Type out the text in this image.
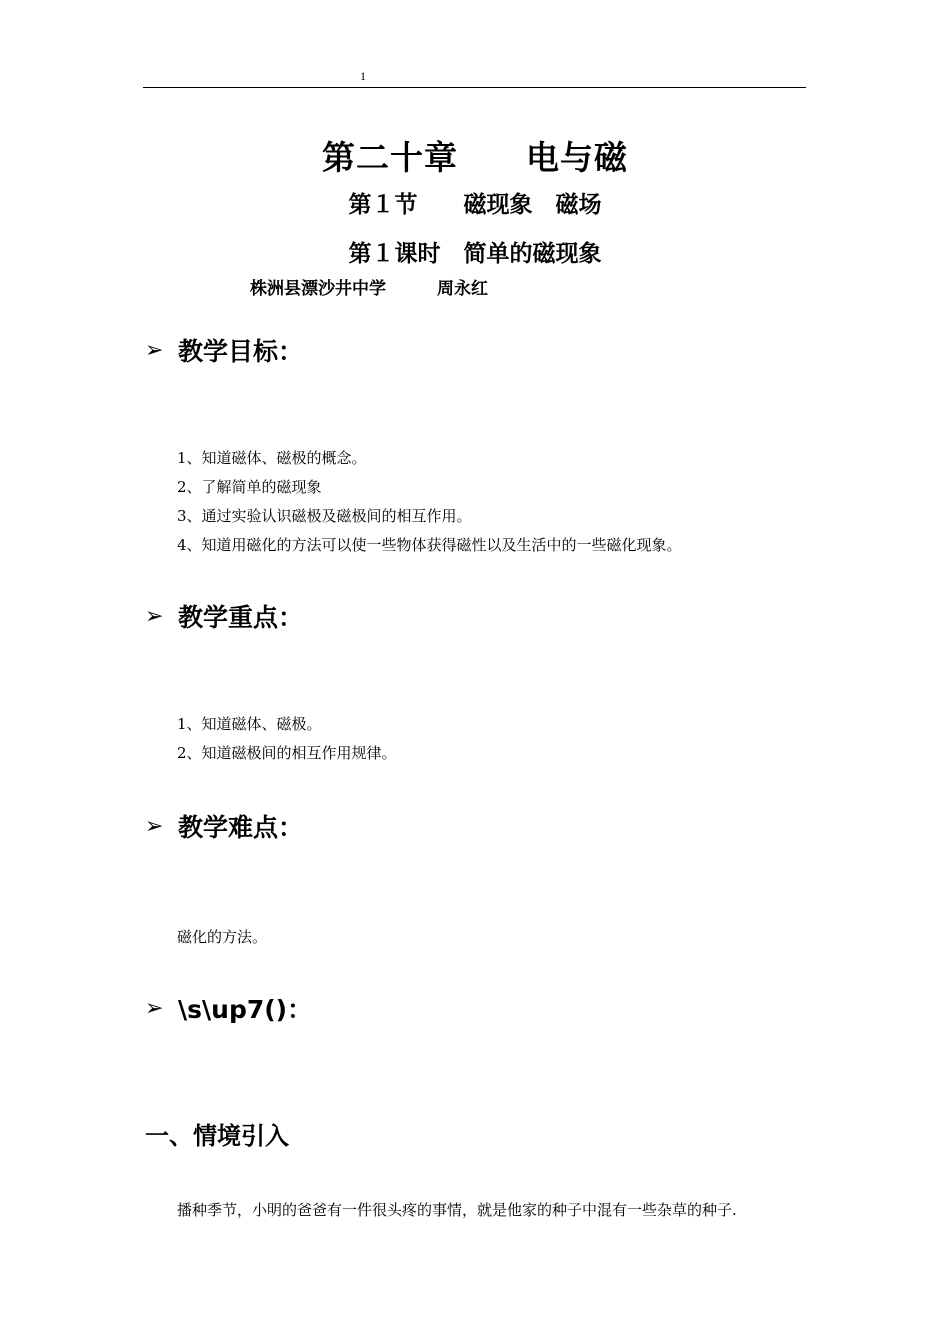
1
第二十章　　电与磁
第１节　　磁现象　磁场
第１课时　简单的磁现象
株洲县漂沙井中学　　　周永红
➢ 教学目标：
1、知道磁体、磁极的概念。
2、了解简单的磁现象
3、通过实验认识磁极及磁极间的相互作用。
4、知道用磁化的方法可以使一些物体获得磁性以及生活中的一些磁化现象。
➢ 教学重点：
1、知道磁体、磁极。
2、知道磁极间的相互作用规律。
➢ 教学难点：
磁化的方法。
➢ \s\up7()：
一、情境引入
播种季节，小明的爸爸有一件很头疼的事情，就是他家的种子中混有一些杂草的种子.
